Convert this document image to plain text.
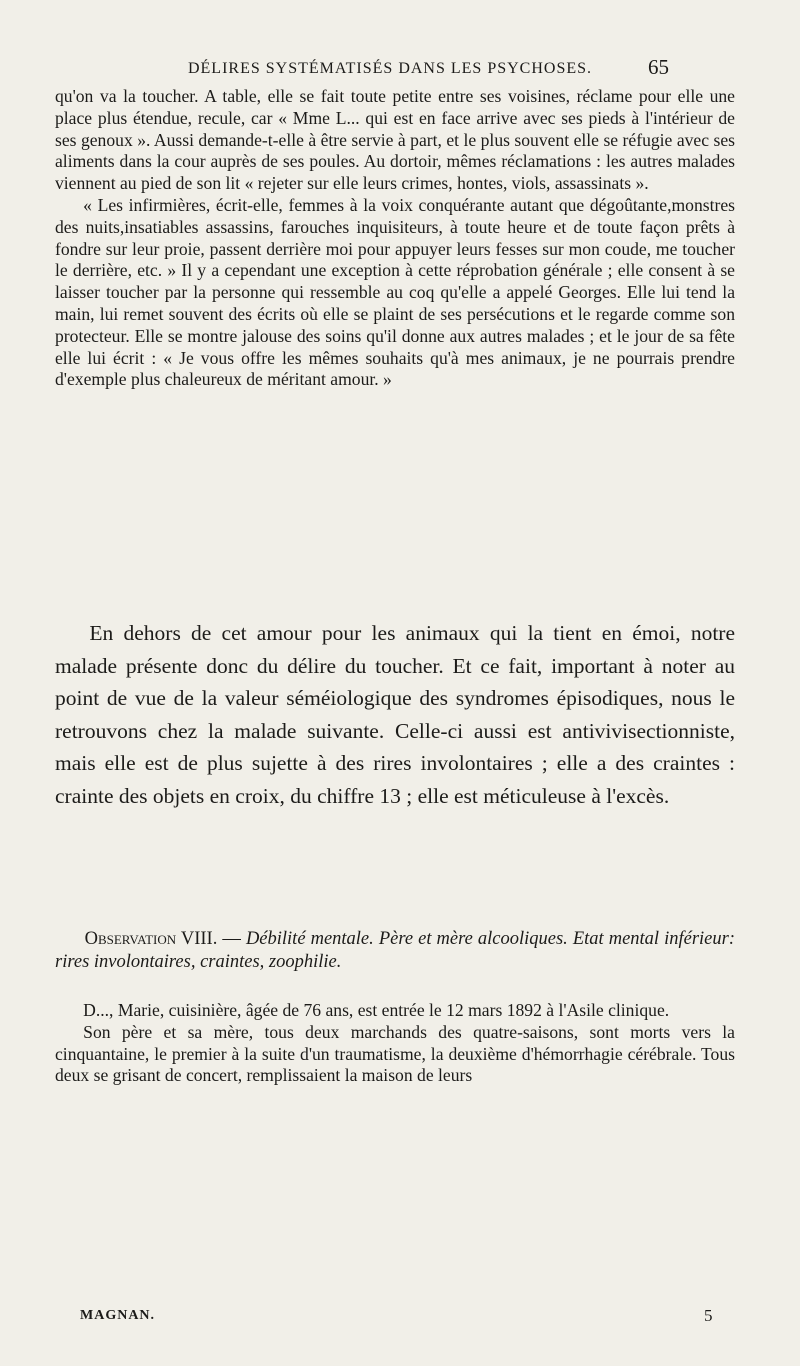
DÉLIRES SYSTÉMATISÉS DANS LES PSYCHOSES.	65

qu'on va la toucher. A table, elle se fait toute petite entre ses voisines, réclame pour elle une place plus étendue, recule, car « Mme L... qui est en face arrive avec ses pieds à l'intérieur de ses genoux ». Aussi demande-t-elle à être servie à part, et le plus souvent elle se réfugie avec ses aliments dans la cour auprès de ses poules. Au dortoir, mêmes réclamations : les autres malades viennent au pied de son lit « rejeter sur elle leurs crimes, hontes, viols, assassinats ».

« Les infirmières, écrit-elle, femmes à la voix conquérante autant que dégoûtante,monstres des nuits,insatiables assassins, farouches inquisiteurs, à toute heure et de toute façon prêts à fondre sur leur proie, passent derrière moi pour appuyer leurs fesses sur mon coude, me toucher le derrière, etc. » Il y a cependant une exception à cette réprobation générale ; elle consent à se laisser toucher par la personne qui ressemble au coq qu'elle a appelé Georges. Elle lui tend la main, lui remet souvent des écrits où elle se plaint de ses persécutions et le regarde comme son protecteur. Elle se montre jalouse des soins qu'il donne aux autres malades ; et le jour de sa fête elle lui écrit : « Je vous offre les mêmes souhaits qu'à mes animaux, je ne pourrais prendre d'exemple plus chaleureux de méritant amour. »

En dehors de cet amour pour les animaux qui la tient en émoi, notre malade présente donc du délire du toucher. Et ce fait, important à noter au point de vue de la valeur séméiologique des syndromes épisodiques, nous le retrouvons chez la malade suivante. Celle-ci aussi est antivivisectionniste, mais elle est de plus sujette à des rires involontaires ; elle a des craintes : crainte des objets en croix, du chiffre 13 ; elle est méticuleuse à l'excès.

Observation VIII. — Débilité mentale. Père et mère alcooliques. Etat mental inférieur: rires involontaires, craintes, zoophilie.

D..., Marie, cuisinière, âgée de 76 ans, est entrée le 12 mars 1892 à l'Asile clinique.

Son père et sa mère, tous deux marchands des quatre-saisons, sont morts vers la cinquantaine, le premier à la suite d'un traumatisme, la deuxième d'hémorrhagie cérébrale. Tous deux se grisant de concert, remplissaient la maison de leurs

MAGNAN.	5
